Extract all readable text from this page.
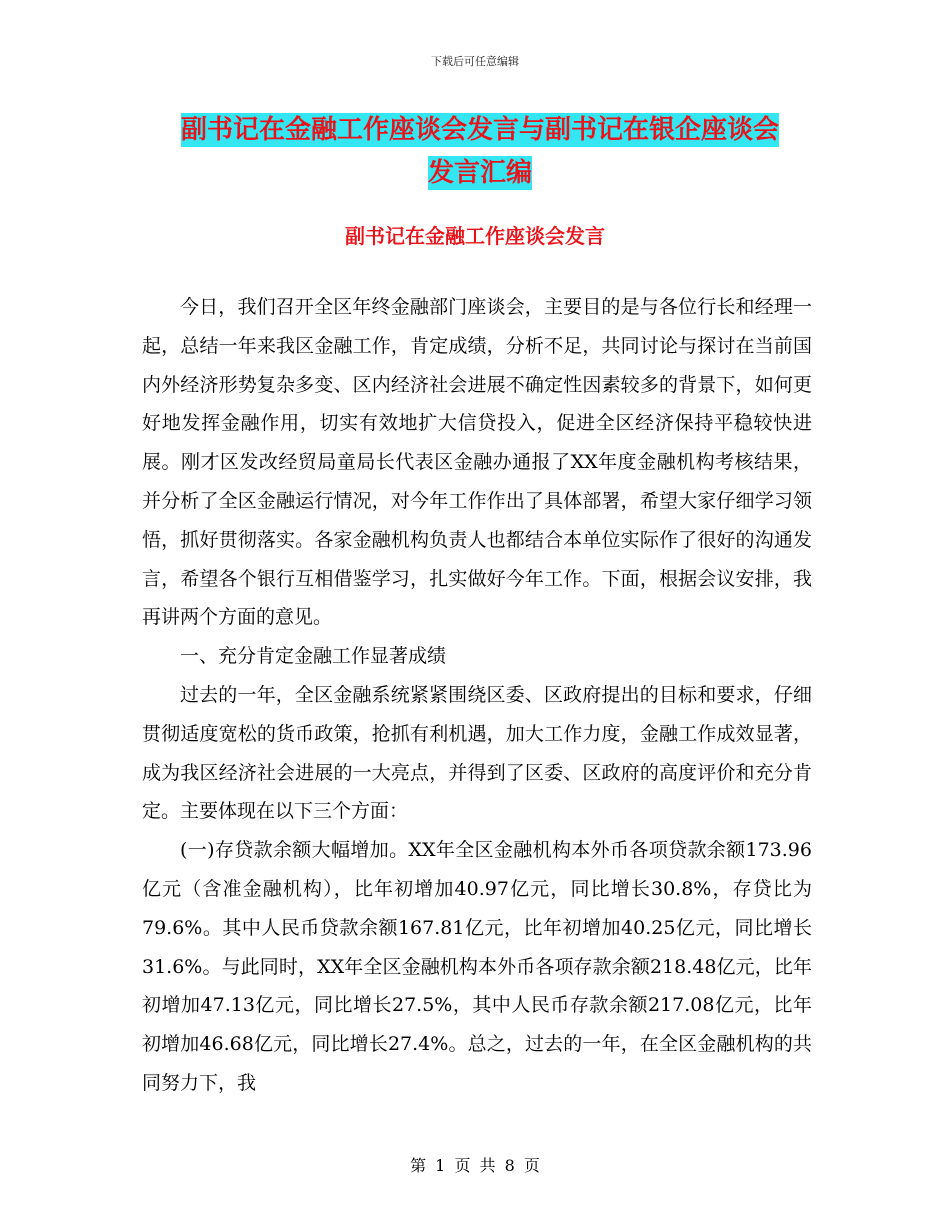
下载后可任意编辑
副书记在金融工作座谈会发言与副书记在银企座谈会
发言汇编
副书记在金融工作座谈会发言

今日，我们召开全区年终金融部门座谈会，主要目的是与各位行长和经理一起，总结一年来我区金融工作，肯定成绩，分析不足，共同讨论与探讨在当前国内外经济形势复杂多变、区内经济社会进展不确定性因素较多的背景下，如何更好地发挥金融作用，切实有效地扩大信贷投入，促进全区经济保持平稳较快进展。刚才区发改经贸局童局长代表区金融办通报了XX年度金融机构考核结果，并分析了全区金融运行情况，对今年工作作出了具体部署，希望大家仔细学习领悟，抓好贯彻落实。各家金融机构负责人也都结合本单位实际作了很好的沟通发言，希望各个银行互相借鉴学习，扎实做好今年工作。下面，根据会议安排，我再讲两个方面的意见。

一、充分肯定金融工作显著成绩

过去的一年，全区金融系统紧紧围绕区委、区政府提出的目标和要求，仔细贯彻适度宽松的货币政策，抢抓有利机遇，加大工作力度，金融工作成效显著，成为我区经济社会进展的一大亮点，并得到了区委、区政府的高度评价和充分肯定。主要体现在以下三个方面：

(一)存贷款余额大幅增加。XX年全区金融机构本外币各项贷款余额173.96亿元（含准金融机构），比年初增加40.97亿元，同比增长30.8%，存贷比为79.6%。其中人民币贷款余额167.81亿元，比年初增加40.25亿元，同比增长31.6%。与此同时，XX年全区金融机构本外币各项存款余额218.48亿元，比年初增加47.13亿元，同比增长27.5%，其中人民币存款余额217.08亿元，比年初增加46.68亿元，同比增长27.4%。总之，过去的一年，在全区金融机构的共同努力下，我

第 1 页 共 8 页
